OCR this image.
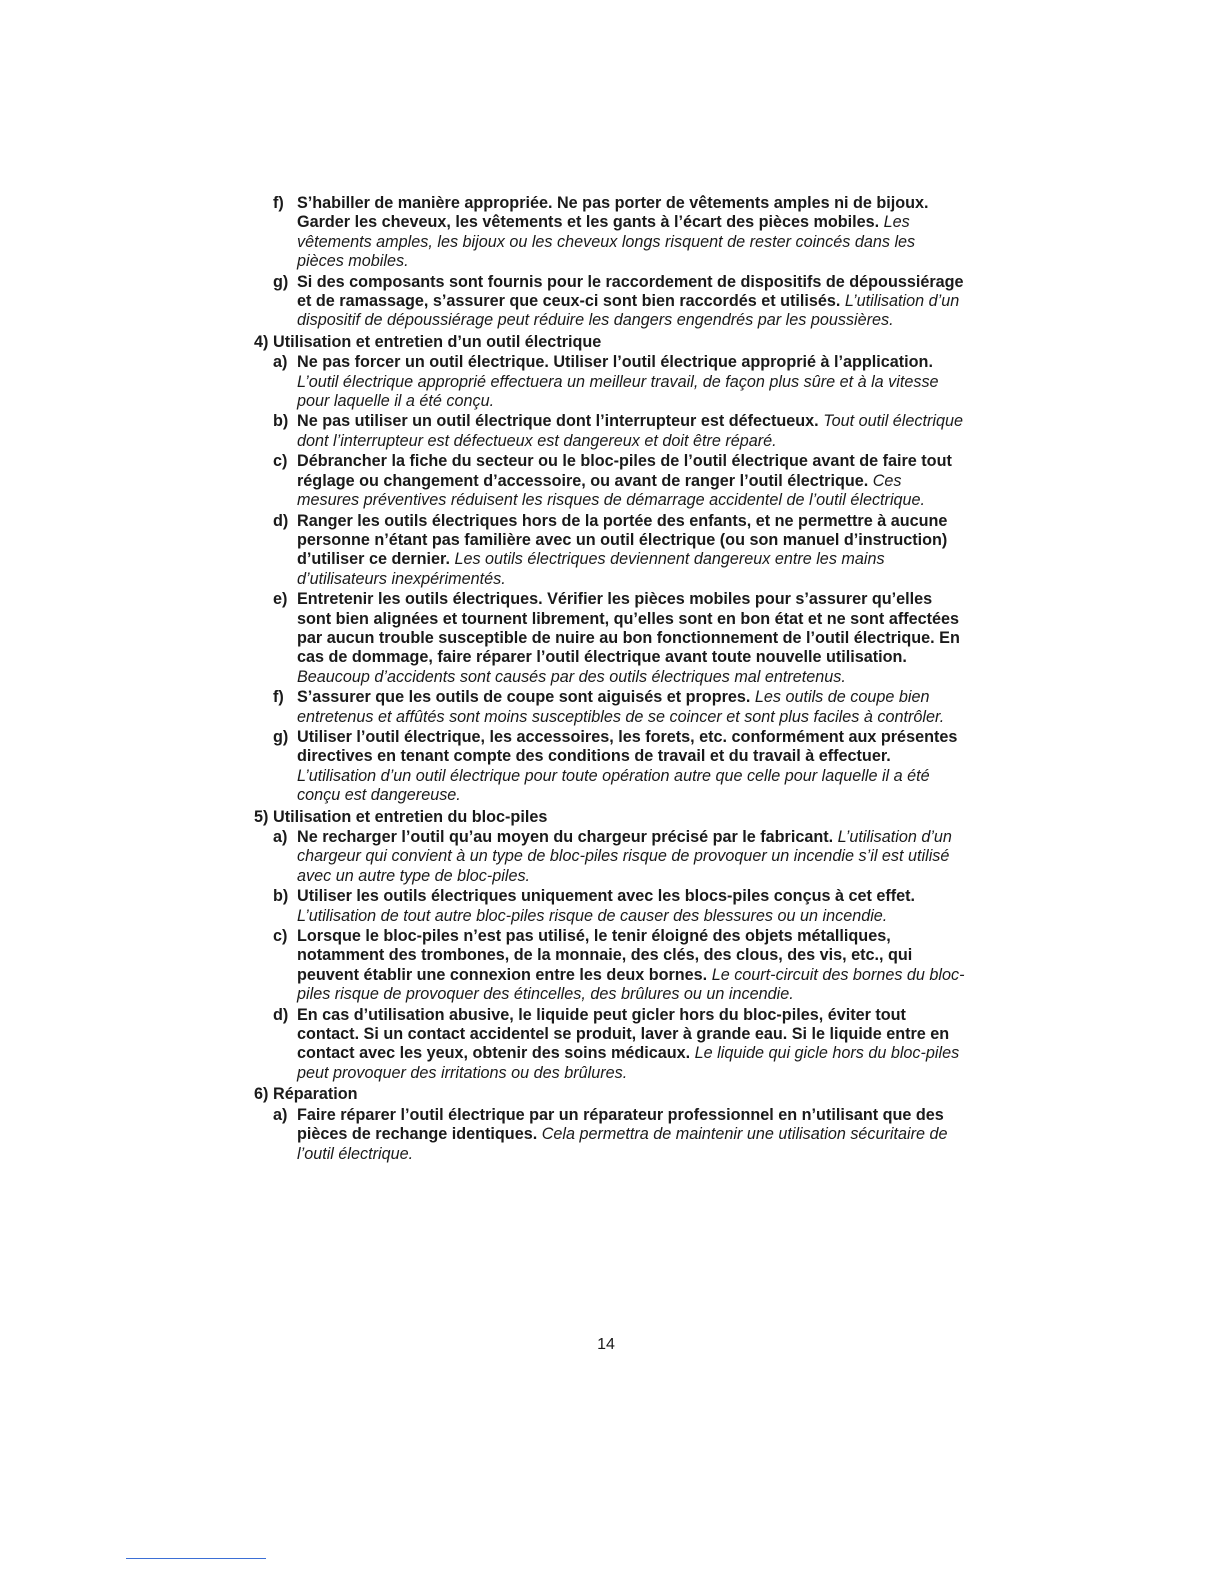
f) S’habiller de manière appropriée. Ne pas porter de vêtements amples ni de bijoux. Garder les cheveux, les vêtements et les gants à l’écart des pièces mobiles. Les vêtements amples, les bijoux ou les cheveux longs risquent de rester coincés dans les pièces mobiles.
g) Si des composants sont fournis pour le raccordement de dispositifs de dépoussiérage et de ramassage, s’assurer que ceux-ci sont bien raccordés et utilisés. L’utilisation d’un dispositif de dépoussiérage peut réduire les dangers engendrés par les poussières.
4) Utilisation et entretien d’un outil électrique
a) Ne pas forcer un outil électrique. Utiliser l’outil électrique approprié à l’application. L’outil électrique approprié effectuera un meilleur travail, de façon plus sûre et à la vitesse pour laquelle il a été conçu.
b) Ne pas utiliser un outil électrique dont l’interrupteur est défectueux. Tout outil électrique dont l’interrupteur est défectueux est dangereux et doit être réparé.
c) Débrancher la fiche du secteur ou le bloc-piles de l’outil électrique avant de faire tout réglage ou changement d’accessoire, ou avant de ranger l’outil électrique. Ces mesures préventives réduisent les risques de démarrage accidentel de l’outil électrique.
d) Ranger les outils électriques hors de la portée des enfants, et ne permettre à aucune personne n’étant pas familière avec un outil électrique (ou son manuel d’instruction) d’utiliser ce dernier. Les outils électriques deviennent dangereux entre les mains d’utilisateurs inexpérimentés.
e) Entretenir les outils électriques. Vérifier les pièces mobiles pour s’assurer qu’elles sont bien alignées et tournent librement, qu’elles sont en bon état et ne sont affectées par aucun trouble susceptible de nuire au bon fonctionnement de l’outil électrique. En cas de dommage, faire réparer l’outil électrique avant toute nouvelle utilisation. Beaucoup d’accidents sont causés par des outils électriques mal entretenus.
f) S’assurer que les outils de coupe sont aiguisés et propres. Les outils de coupe bien entretenus et affûtés sont moins susceptibles de se coincer et sont plus faciles à contrôler.
g) Utiliser l’outil électrique, les accessoires, les forets, etc. conformément aux présentes directives en tenant compte des conditions de travail et du travail à effectuer. L’utilisation d’un outil électrique pour toute opération autre que celle pour laquelle il a été conçu est dangereuse.
5) Utilisation et entretien du bloc-piles
a) Ne recharger l’outil qu’au moyen du chargeur précisé par le fabricant. L’utilisation d’un chargeur qui convient à un type de bloc-piles risque de provoquer un incendie s’il est utilisé avec un autre type de bloc-piles.
b) Utiliser les outils électriques uniquement avec les blocs-piles conçus à cet effet. L’utilisation de tout autre bloc-piles risque de causer des blessures ou un incendie.
c) Lorsque le bloc-piles n’est pas utilisé, le tenir éloigné des objets métalliques, notamment des trombones, de la monnaie, des clés, des clous, des vis, etc., qui peuvent établir une connexion entre les deux bornes. Le court-circuit des bornes du bloc-piles risque de provoquer des étincelles, des brûlures ou un incendie.
d) En cas d’utilisation abusive, le liquide peut gicler hors du bloc-piles, éviter tout contact. Si un contact accidentel se produit, laver à grande eau. Si le liquide entre en contact avec les yeux, obtenir des soins médicaux. Le liquide qui gicle hors du bloc-piles peut provoquer des irritations ou des brûlures.
6) Réparation
a) Faire réparer l’outil électrique par un réparateur professionnel en n’utilisant que des pièces de rechange identiques. Cela permettra de maintenir une utilisation sécuritaire de l’outil électrique.
14
